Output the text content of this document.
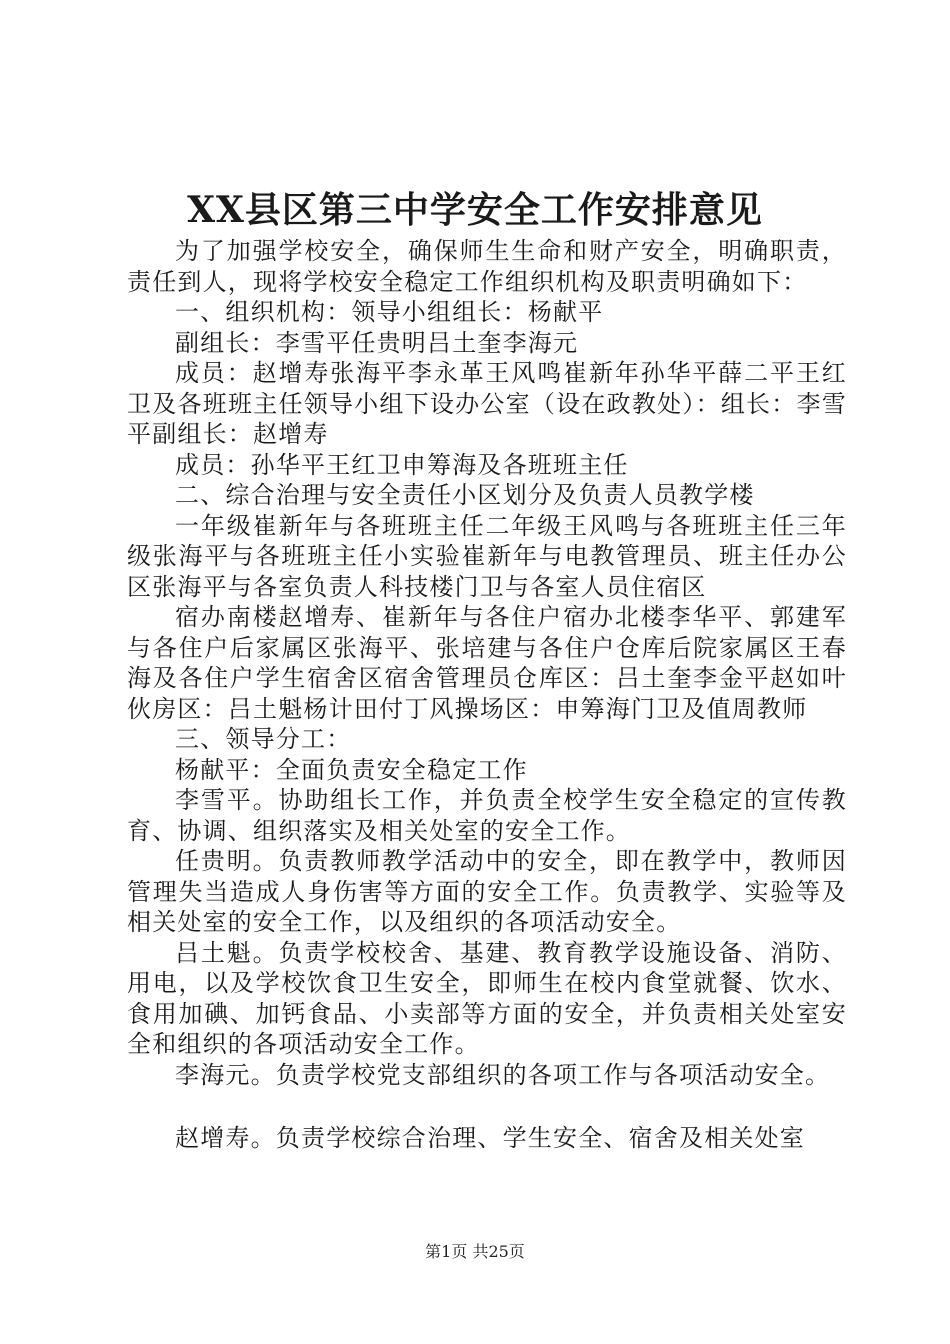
XX县区第三中学安全工作安排意见

为了加强学校安全，确保师生生命和财产安全，明确职责，责任到人，现将学校安全稳定工作组织机构及职责明确如下：

一、组织机构：领导小组组长：杨献平

副组长：李雪平任贵明吕土奎李海元

成员：赵增寿张海平李永革王风鸣崔新年孙华平薛二平王红卫及各班班主任领导小组下设办公室（设在政教处）：组长：李雪平副组长：赵增寿

成员：孙华平王红卫申筹海及各班班主任

二、综合治理与安全责任小区划分及负责人员教学楼

一年级崔新年与各班班主任二年级王风鸣与各班班主任三年级张海平与各班班主任小实验崔新年与电教管理员、班主任办公区张海平与各室负责人科技楼门卫与各室人员住宿区

宿办南楼赵增寿、崔新年与各住户宿办北楼李华平、郭建军与各住户后家属区张海平、张培建与各住户仓库后院家属区王春海及各住户学生宿舍区宿舍管理员仓库区：吕土奎李金平赵如叶伙房区：吕土魁杨计田付丁风操场区：申筹海门卫及值周教师

三、领导分工：

杨献平：全面负责安全稳定工作

李雪平。协助组长工作，并负责全校学生安全稳定的宣传教育、协调、组织落实及相关处室的安全工作。

任贵明。负责教师教学活动中的安全，即在教学中，教师因管理失当造成人身伤害等方面的安全工作。负责教学、实验等及相关处室的安全工作，以及组织的各项活动安全。

吕土魁。负责学校校舍、基建、教育教学设施设备、消防、用电，以及学校饮食卫生安全，即师生在校内食堂就餐、饮水、食用加碘、加钙食品、小卖部等方面的安全，并负责相关处室安全和组织的各项活动安全工作。

李海元。负责学校党支部组织的各项工作与各项活动安全。

赵增寿。负责学校综合治理、学生安全、宿舍及相关处室

第1页 共25页
